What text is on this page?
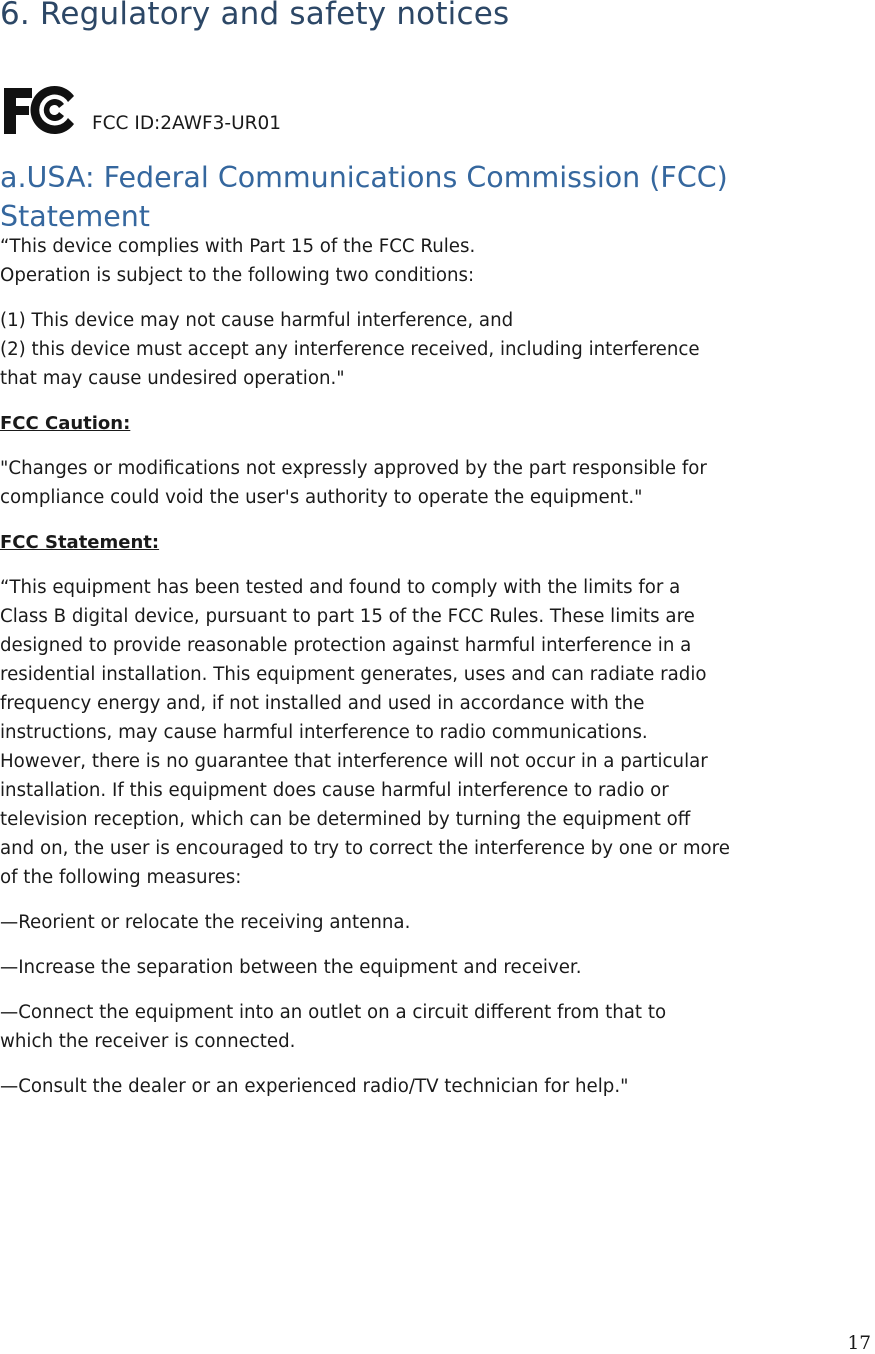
6. Regulatory and safety notices
FCC ID:2AWF3-UR01
a.USA: Federal Communications Commission (FCC) Statement

“This device complies with Part 15 of the FCC Rules.
Operation is subject to the following two conditions:

(1) This device may not cause harmful interference, and
(2) this device must accept any interference received, including interference
that may cause undesired operation."

FCC Caution:

"Changes or modifications not expressly approved by the part responsible for
compliance could void the user's authority to operate the equipment."

FCC Statement:

“This equipment has been tested and found to comply with the limits for a
Class B digital device, pursuant to part 15 of the FCC Rules. These limits are
designed to provide reasonable protection against harmful interference in a
residential installation. This equipment generates, uses and can radiate radio
frequency energy and, if not installed and used in accordance with the
instructions, may cause harmful interference to radio communications.
However, there is no guarantee that interference will not occur in a particular
installation. If this equipment does cause harmful interference to radio or
television reception, which can be determined by turning the equipment off
and on, the user is encouraged to try to correct the interference by one or more
of the following measures:

—Reorient or relocate the receiving antenna.

—Increase the separation between the equipment and receiver.

—Connect the equipment into an outlet on a circuit different from that to
which the receiver is connected.

—Consult the dealer or an experienced radio/TV technician for help."

17
